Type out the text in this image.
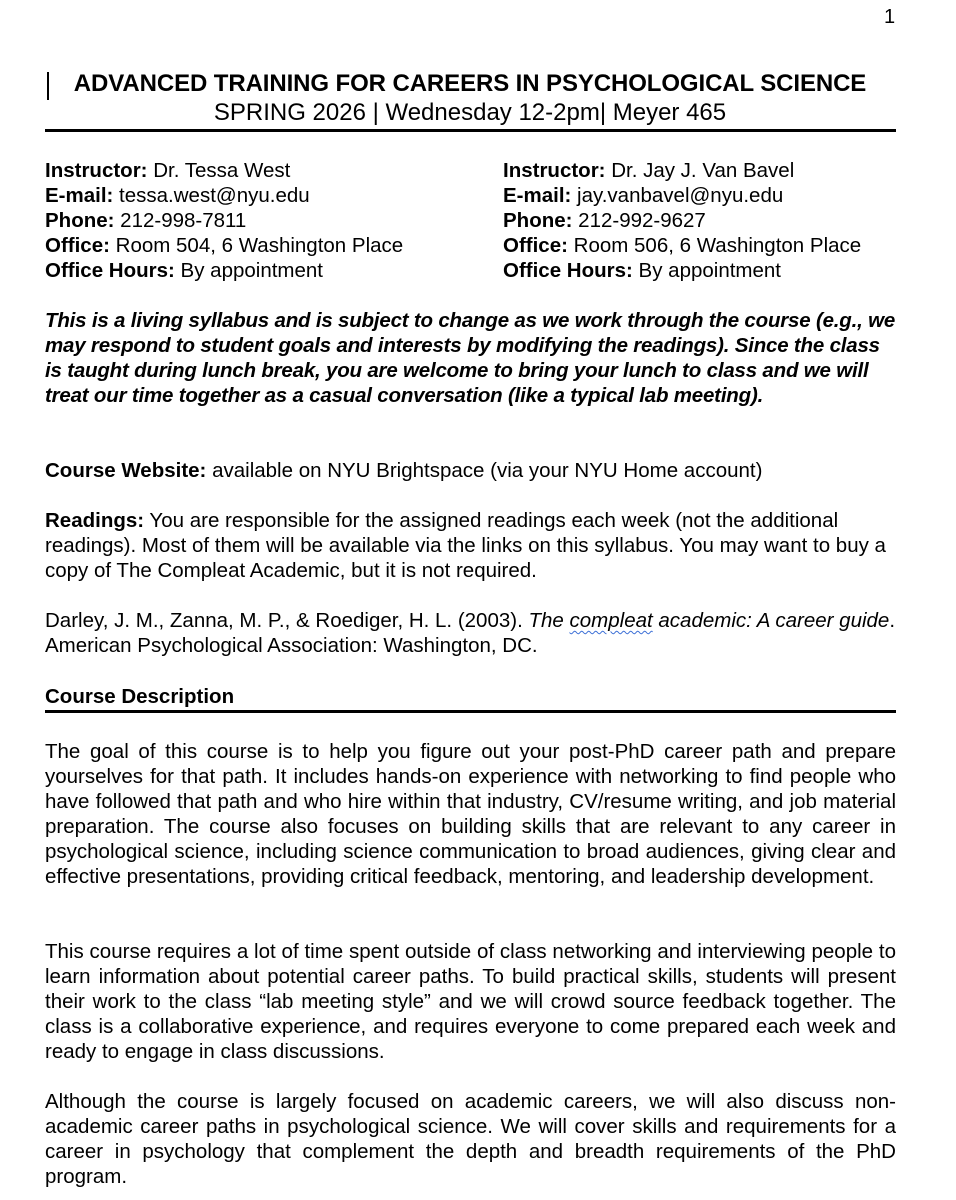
1
ADVANCED TRAINING FOR CAREERS IN PSYCHOLOGICAL SCIENCE
SPRING 2026 | Wednesday 12-2pm| Meyer 465
Instructor: Dr. Tessa West
E-mail: tessa.west@nyu.edu
Phone: 212-998-7811
Office: Room 504, 6 Washington Place
Office Hours: By appointment
Instructor: Dr. Jay J. Van Bavel
E-mail: jay.vanbavel@nyu.edu
Phone: 212-992-9627
Office: Room 506, 6 Washington Place
Office Hours: By appointment
This is a living syllabus and is subject to change as we work through the course (e.g., we may respond to student goals and interests by modifying the readings). Since the class is taught during lunch break, you are welcome to bring your lunch to class and we will treat our time together as a casual conversation (like a typical lab meeting).
Course Website: available on NYU Brightspace (via your NYU Home account)
Readings: You are responsible for the assigned readings each week (not the additional readings). Most of them will be available via the links on this syllabus. You may want to buy a copy of The Compleat Academic, but it is not required.
Darley, J. M., Zanna, M. P., & Roediger, H. L. (2003). The compleat academic: A career guide. American Psychological Association: Washington, DC.
Course Description
The goal of this course is to help you figure out your post-PhD career path and prepare yourselves for that path. It includes hands-on experience with networking to find people who have followed that path and who hire within that industry, CV/resume writing, and job material preparation. The course also focuses on building skills that are relevant to any career in psychological science, including science communication to broad audiences, giving clear and effective presentations, providing critical feedback, mentoring, and leadership development.
This course requires a lot of time spent outside of class networking and interviewing people to learn information about potential career paths. To build practical skills, students will present their work to the class “lab meeting style” and we will crowd source feedback together. The class is a collaborative experience, and requires everyone to come prepared each week and ready to engage in class discussions.
Although the course is largely focused on academic careers, we will also discuss non-academic career paths in psychological science. We will cover skills and requirements for a career in psychology that complement the depth and breadth requirements of the PhD program.
